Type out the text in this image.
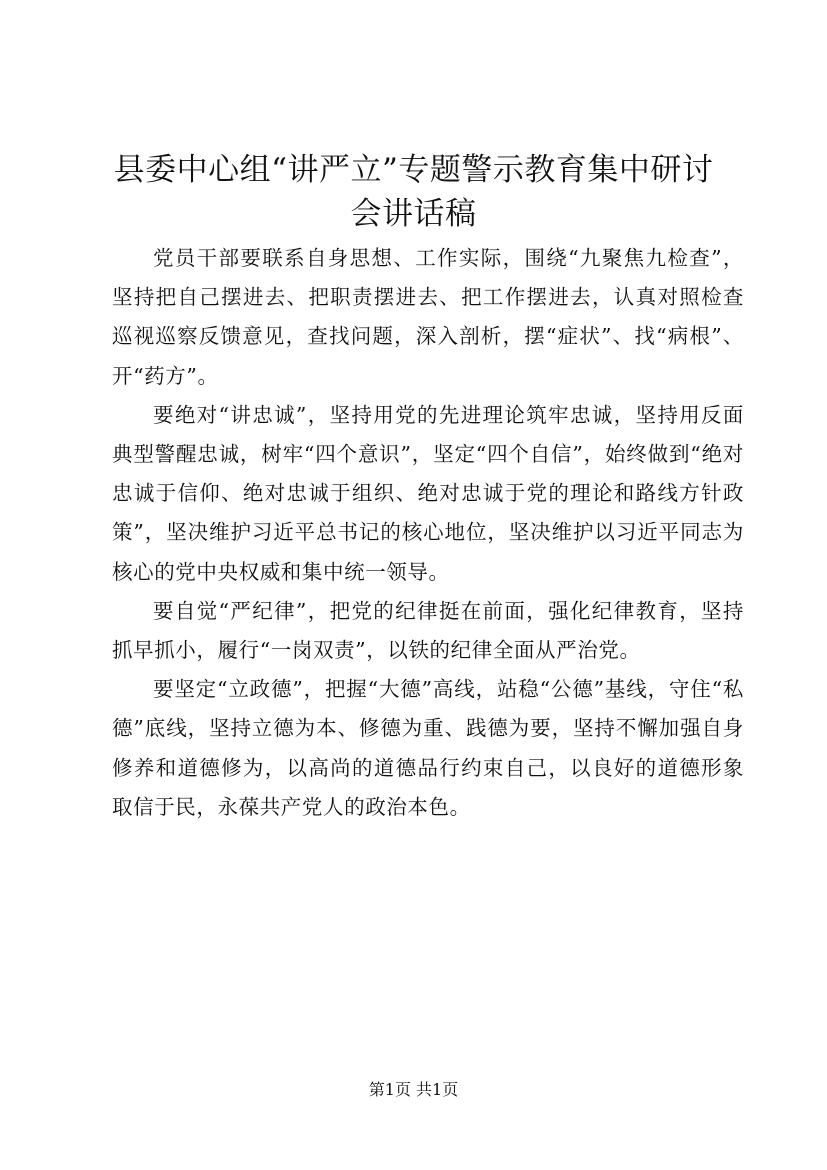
县委中心组“讲严立”专题警示教育集中研讨
会讲话稿

党员干部要联系自身思想、工作实际，围绕“九聚焦九检查”，坚持把自己摆进去、把职责摆进去、把工作摆进去，认真对照检查巡视巡察反馈意见，查找问题，深入剖析，摆“症状”、找“病根”、开“药方”。

要绝对“讲忠诚”，坚持用党的先进理论筑牢忠诚，坚持用反面典型警醒忠诚，树牢“四个意识”，坚定“四个自信”，始终做到“绝对忠诚于信仰、绝对忠诚于组织、绝对忠诚于党的理论和路线方针政策”，坚决维护习近平总书记的核心地位，坚决维护以习近平同志为核心的党中央权威和集中统一领导。

要自觉“严纪律”，把党的纪律挺在前面，强化纪律教育，坚持抓早抓小，履行“一岗双责”，以铁的纪律全面从严治党。

要坚定“立政德”，把握“大德”高线，站稳“公德”基线，守住“私德”底线，坚持立德为本、修德为重、践德为要，坚持不懈加强自身修养和道德修为，以高尚的道德品行约束自己，以良好的道德形象取信于民，永葆共产党人的政治本色。

第1页 共1页
